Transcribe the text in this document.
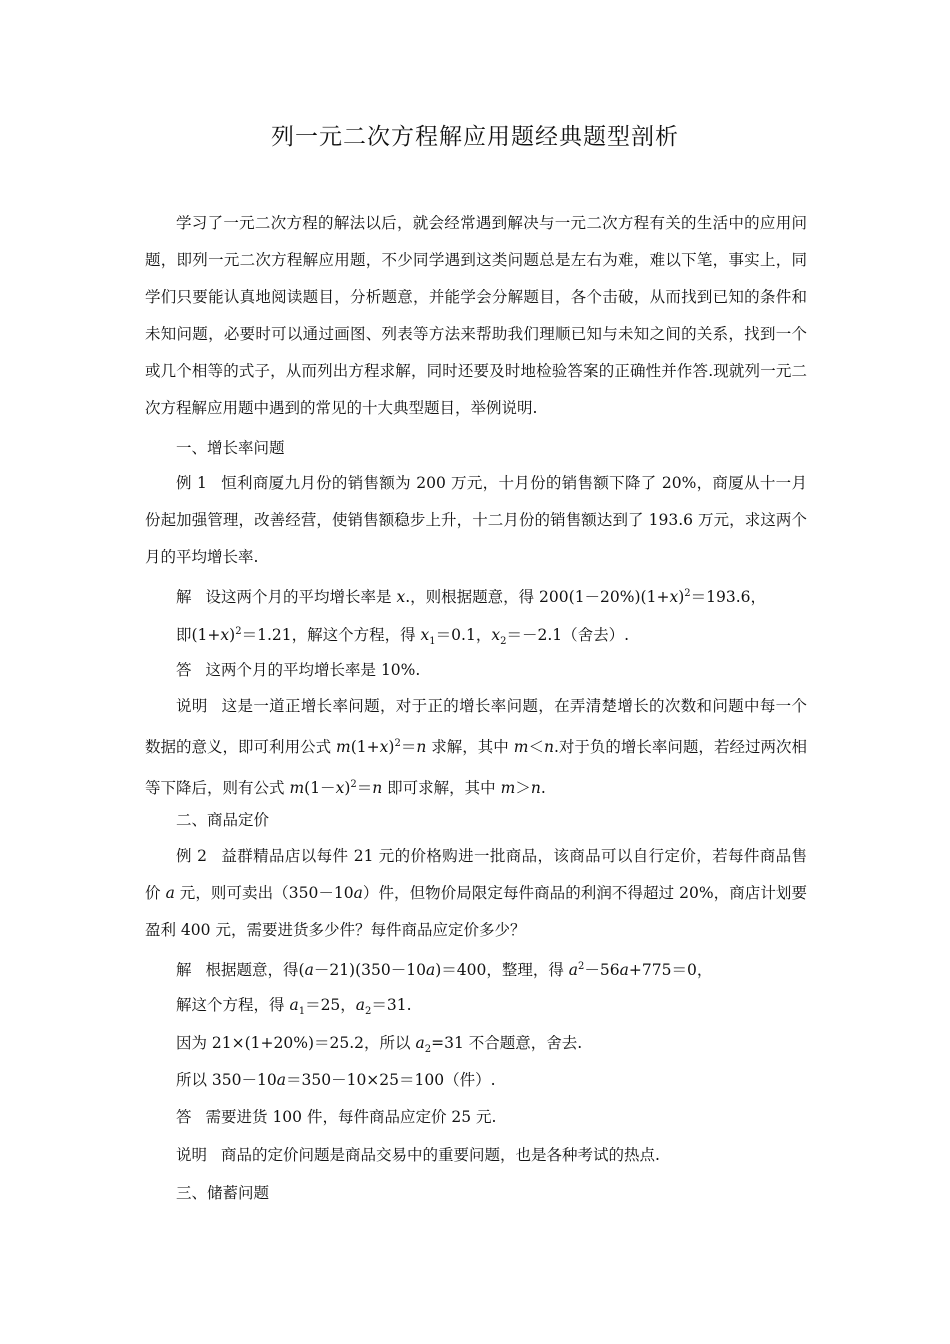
列一元二次方程解应用题经典题型剖析

学习了一元二次方程的解法以后，就会经常遇到解决与一元二次方程有关的生活中的应用问题，即列一元二次方程解应用题，不少同学遇到这类问题总是左右为难，难以下笔，事实上，同学们只要能认真地阅读题目，分析题意，并能学会分解题目，各个击破，从而找到已知的条件和未知问题，必要时可以通过画图、列表等方法来帮助我们理顺已知与未知之间的关系，找到一个或几个相等的式子，从而列出方程求解，同时还要及时地检验答案的正确性并作答.现就列一元二次方程解应用题中遇到的常见的十大典型题目，举例说明.

一、增长率问题

例 1 恒利商厦九月份的销售额为 200 万元，十月份的销售额下降了 20%，商厦从十一月份起加强管理，改善经营，使销售额稳步上升，十二月份的销售额达到了 193.6 万元，求这两个月的平均增长率.

解 设这两个月的平均增长率是 x.，则根据题意，得 $200(1-20\%)(1+x)^2=193.6$，

即$(1+x)^2=1.21$，解这个方程，得 $x_1=0.1$，$x_2=-2.1$（舍去）.

答 这两个月的平均增长率是 10%.

说明 这是一道正增长率问题，对于正的增长率问题，在弄清楚增长的次数和问题中每一个数据的意义，即可利用公式 $m(1+x)^2=n$ 求解，其中 m＜n.对于负的增长率问题，若经过两次相等下降后，则有公式 $m(1-x)^2=n$ 即可求解，其中 m＞n.

二、商品定价

例 2 益群精品店以每件 21 元的价格购进一批商品，该商品可以自行定价，若每件商品售价 a 元，则可卖出（350－10a）件，但物价局限定每件商品的利润不得超过 20%，商店计划要盈利 400 元，需要进货多少件？每件商品应定价多少？

解 根据题意，得(a－21)(350－10a)＝400，整理，得 $a^2-56a+775=0$，

解这个方程，得 $a_1=25$，$a_2=31$.

因为 21×(1+20%)＝25.2，所以 $a_2=31$ 不合题意，舍去.

所以 350－10a＝350－10×25＝100（件）.

答 需要进货 100 件，每件商品应定价 25 元.

说明 商品的定价问题是商品交易中的重要问题，也是各种考试的热点.

三、储蓄问题
